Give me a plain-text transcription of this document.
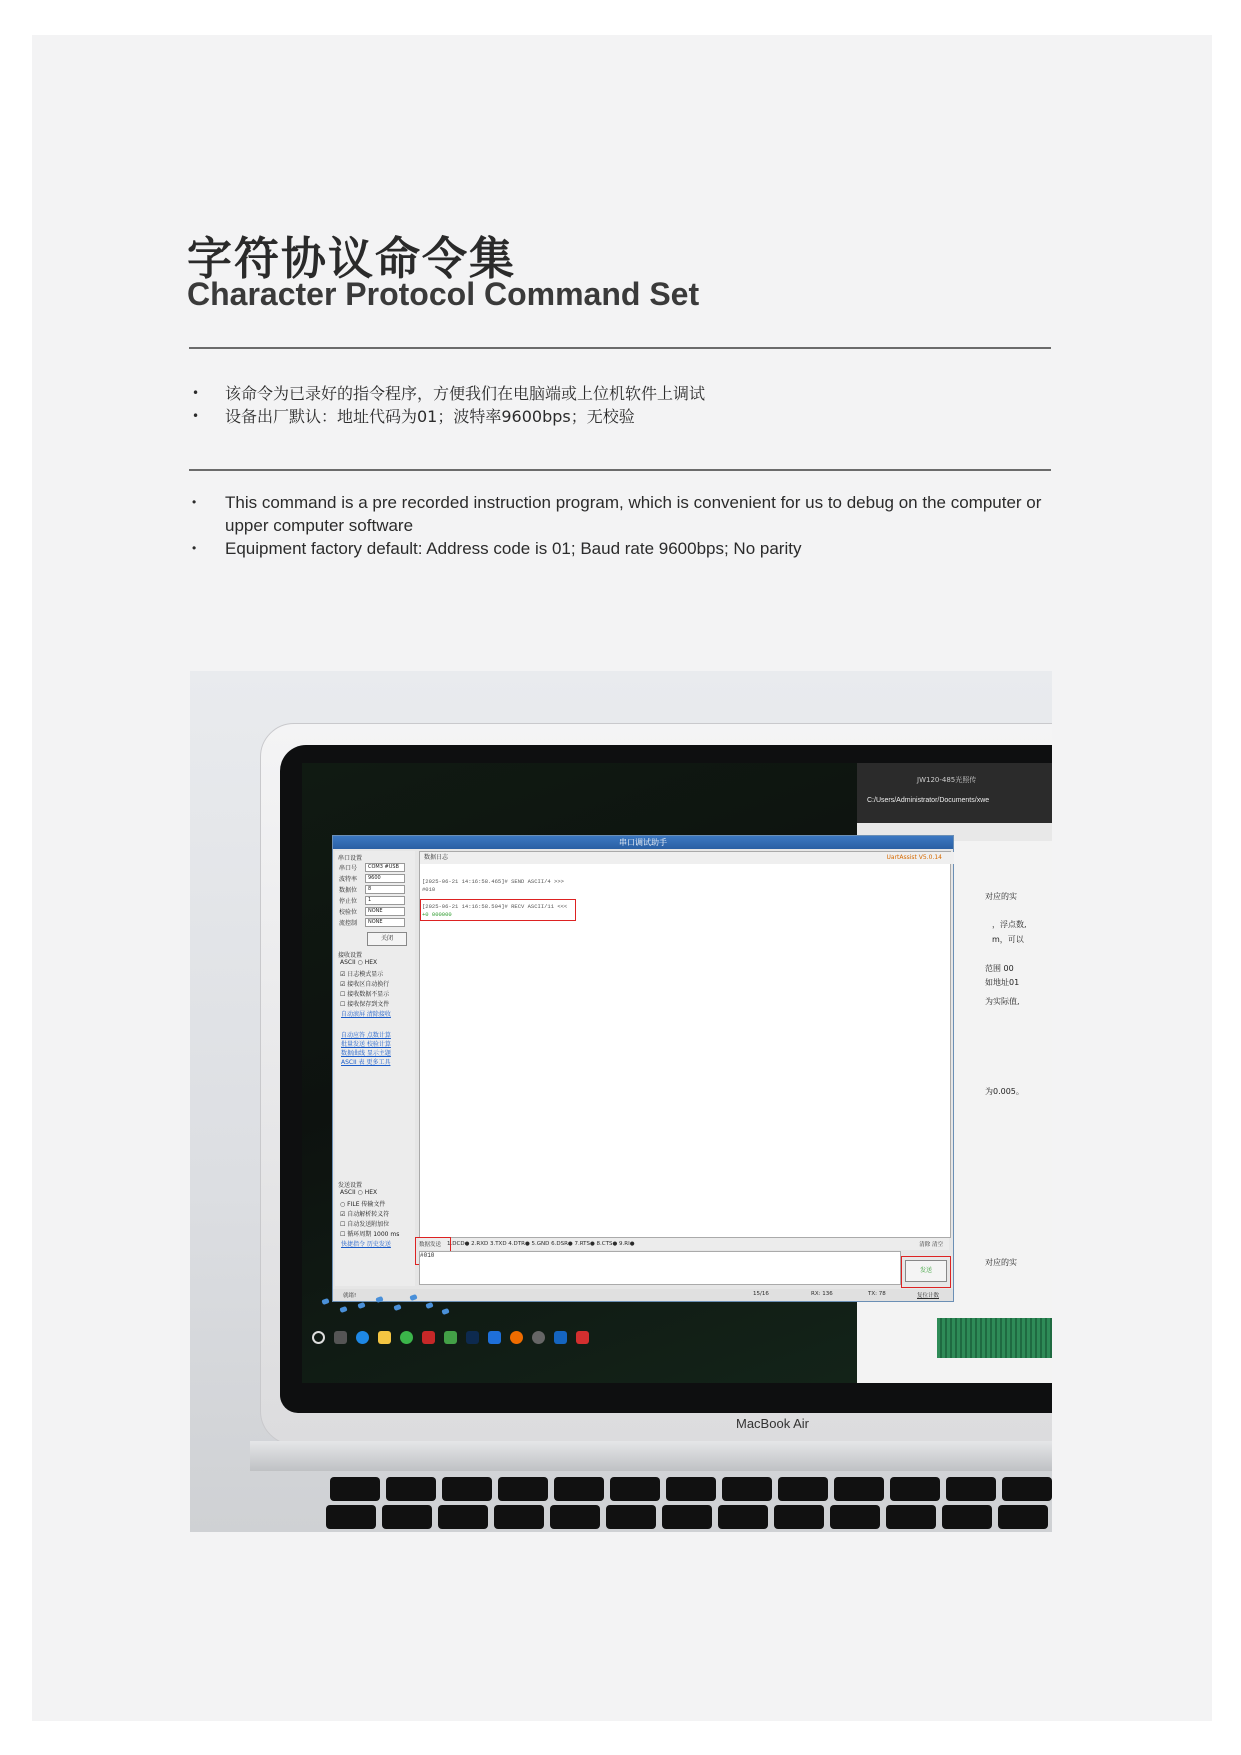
字符协议命令集
Character Protocol Command Set
• 该命令为已录好的指令程序，方便我们在电脑端或上位机软件上调试
• 设备出厂默认：地址代码为01；波特率9600bps；无校验
• This command is a pre recorded instruction program, which is convenient for us to debug on the computer or upper computer software
• Equipment factory default: Address code is 01; Baud rate 9600bps; No parity
JW120-485光照传
C:/Users/Administrator/Documents/xwe
对应的实
，浮点数,
m，可以
范围 00
如地址01
为实际值,
为0.005。
对应的实
串口调试助手
串口设置
串口号	COM3 #USB
波特率	9600
数据位	8
停止位	1
校验位	NONE
流控制	NONE
关闭
接收设置
ASCII ○ HEX
☑ 日志模式显示
☑ 接收区自动换行
☐ 接收数据不显示
☐ 接收保存到文件
自动滚屏 清除接收
自动应答 点数计算
批量发送 校验计算
数据曲线 显示主题
ASCII 表 更多工具
发送设置
ASCII ○ HEX
○ FILE 传输文件
☑ 自动解析转义符
☐ 自动发送附加位
☐ 循环周期 1000 ms
快捷指令 历史发送
数据日志	UartAssist V5.0.14
[2025-06-21 14:16:58.465]# SEND ASCII/4 >>>
#010
[2025-06-21 14:16:58.504]# RECV ASCII/11 <<<
+0 000000
数据发送 1.DCD● 2.RXD 3.TXD 4.DTR● 5.GND 6.DSR● 7.RTS● 8.CTS● 9.RI●	清除 清空
#010
发送
就绪!	15/16	RX: 136	TX: 78	复位计数
MacBook Air
